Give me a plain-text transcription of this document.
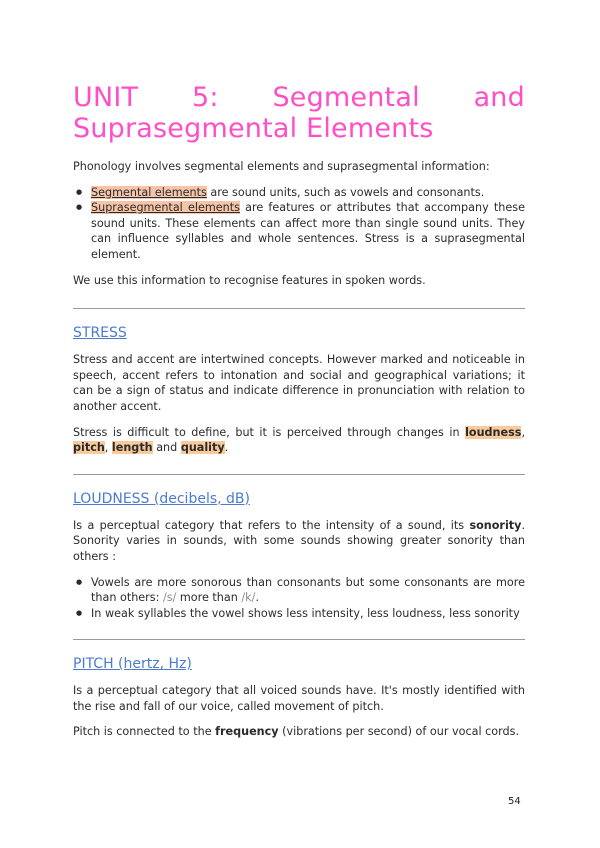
UNIT 5: Segmental and
Suprasegmental Elements

Phonology involves segmental elements and suprasegmental information:

● Segmental elements are sound units, such as vowels and consonants.
● Suprasegmental elements are features or attributes that accompany these sound units. These elements can affect more than single sound units. They can influence syllables and whole sentences. Stress is a suprasegmental element.

We use this information to recognise features in spoken words.

STRESS

Stress and accent are intertwined concepts. However marked and noticeable in speech, accent refers to intonation and social and geographical variations; it can be a sign of status and indicate difference in pronunciation with relation to another accent.

Stress is difficult to define, but it is perceived through changes in loudness, pitch, length and quality.

LOUDNESS (decibels, dB)

Is a perceptual category that refers to the intensity of a sound, its sonority. Sonority varies in sounds, with some sounds showing greater sonority than others :

● Vowels are more sonorous than consonants but some consonants are more than others: /s/ more than /k/.
● In weak syllables the vowel shows less intensity, less loudness, less sonority
PITCH (hertz, Hz)

Is a perceptual category that all voiced sounds have. It's mostly identified with the rise and fall of our voice, called movement of pitch.

Pitch is connected to the frequency (vibrations per second) of our vocal cords.

54
